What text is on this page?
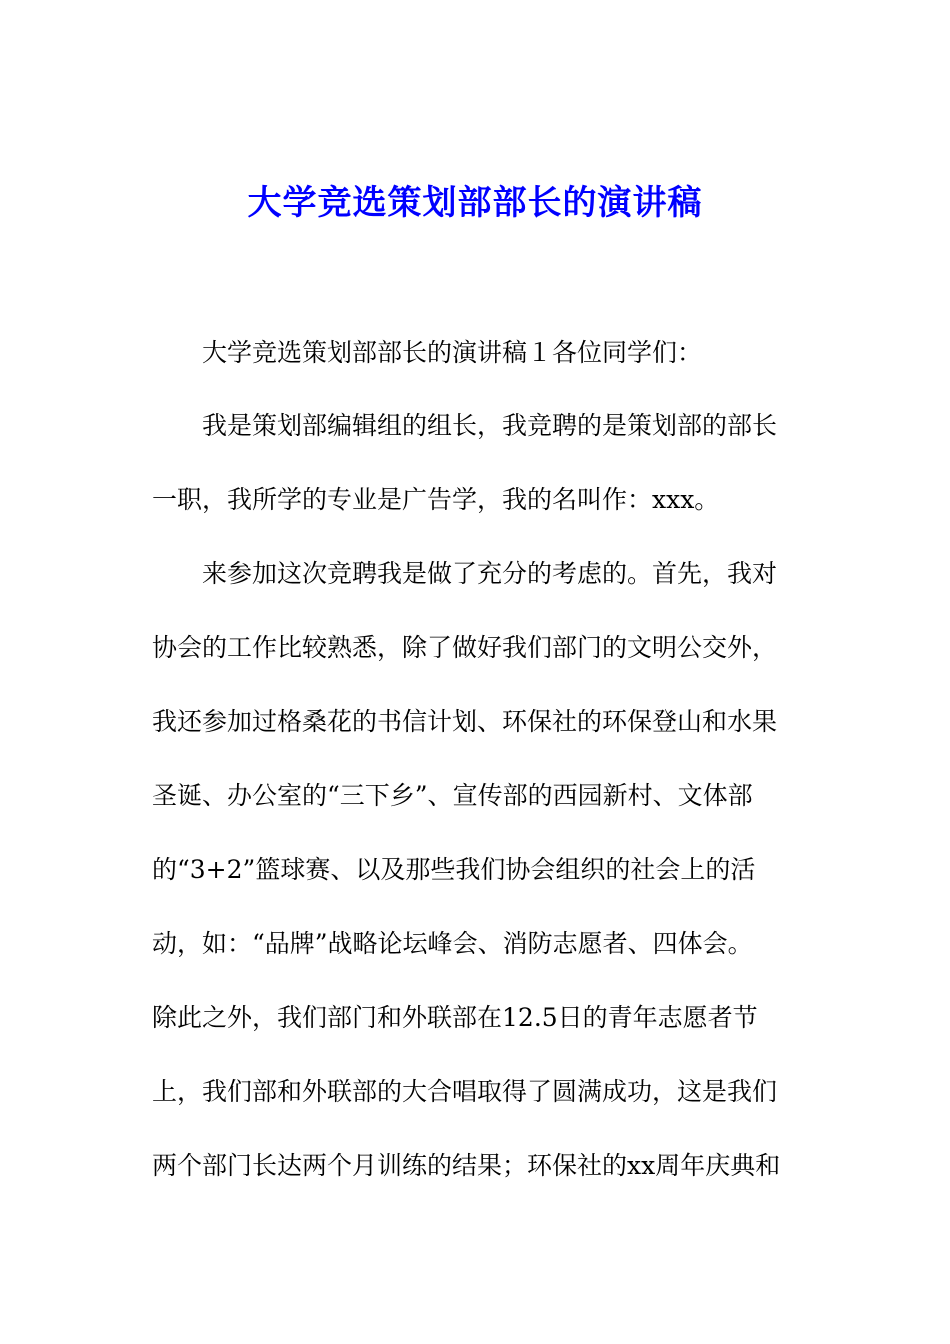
大学竞选策划部部长的演讲稿
大学竞选策划部部长的演讲稿１各位同学们：
我是策划部编辑组的组长，我竞聘的是策划部的部长
一职，我所学的专业是广告学，我的名叫作：xxx。
来参加这次竞聘我是做了充分的考虑的。首先，我对
协会的工作比较熟悉，除了做好我们部门的文明公交外，
我还参加过格桑花的书信计划、环保社的环保登山和水果
圣诞、办公室的“三下乡”、宣传部的西园新村、文体部
的“3+2”篮球赛、以及那些我们协会组织的社会上的活
动，如：“品牌”战略论坛峰会、消防志愿者、四体会。
除此之外，我们部门和外联部在12.5日的青年志愿者节
上，我们部和外联部的大合唱取得了圆满成功，这是我们
两个部门长达两个月训练的结果；环保社的xx周年庆典和
